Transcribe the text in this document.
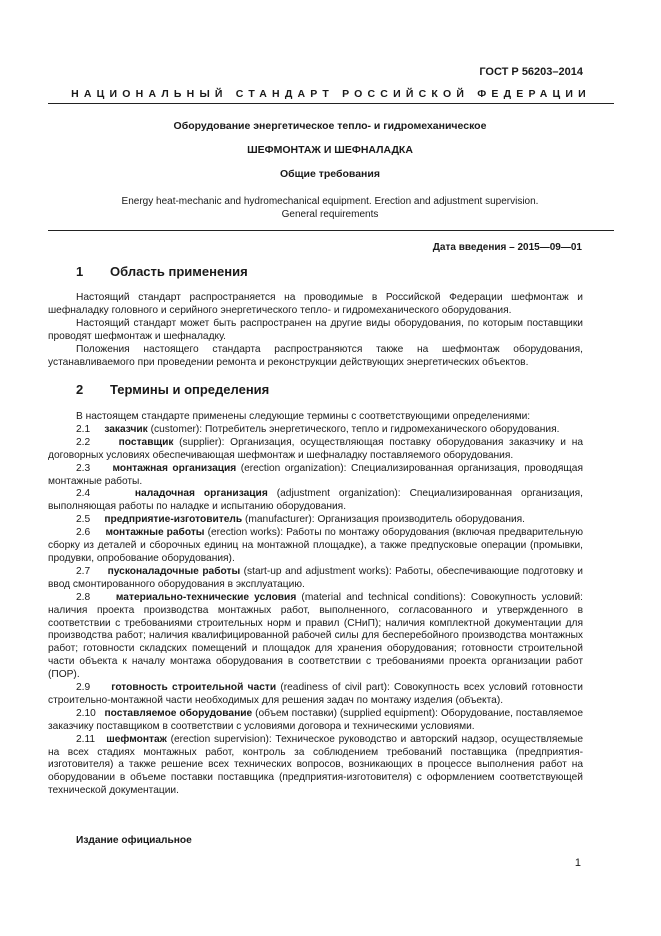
ГОСТ Р 56203–2014
НАЦИОНАЛЬНЫЙ СТАНДАРТ РОССИЙСКОЙ ФЕДЕРАЦИИ
Оборудование энергетическое тепло- и гидромеханическое
ШЕФМОНТАЖ И ШЕФНАЛАДКА
Общие требования
Energy heat-mechanic and hydromechanical equipment. Erection and adjustment supervision.
General requirements
Дата введения – 2015—09—01
1 Область применения

Настоящий стандарт распространяется на проводимые в Российской Федерации шефмонтаж и шефналадку головного и серийного энергетического тепло- и гидромеханического оборудования.

Настоящий стандарт может быть распространен на другие виды оборудования, по которым поставщики проводят шефмонтаж и шефналадку.

Положения настоящего стандарта распространяются также на шефмонтаж оборудования, устанавливаемого при проведении ремонта и реконструкции действующих энергетических объектов.

2 Термины и определения

В настоящем стандарте применены следующие термины с соответствующими определениями:

2.1 заказчик (customer): Потребитель энергетического, тепло и гидромеханического оборудования.

2.2	поставщик (supplier): Организация, осуществляющая поставку оборудования заказчику и на договорных условиях обеспечивающая шефмонтаж и шефналадку поставляемого оборудования.

2.3 монтажная организация (erection organization): Специализированная организация, проводящая монтажные работы.

2.4	наладочная организация (adjustment organization): Специализированная организация, выполняющая работы по наладке и испытанию оборудования.

2.5 предприятие-изготовитель (manufacturer): Организация производитель оборудования.

2.6 монтажные работы (erection works): Работы по монтажу оборудования (включая предварительную сборку из деталей и сборочных единиц на монтажной площадке), а также предпусковые операции (промывки, продувки, опробование оборудования).

2.7 пусконаладочные работы (start-up and adjustment works): Работы, обеспечивающие подготовку и ввод смонтированного оборудования в эксплуатацию.

2.8	материально-технические условия (material and technical conditions): Совокупность условий: наличия проекта производства монтажных работ, выполненного, согласованного и утвержденного в соответствии с требованиями строительных норм и правил (СНиП); наличия комплектной документации для производства работ; наличия квалифицированной рабочей силы для бесперебойного производства монтажных работ; готовности складских помещений и площадок для хранения оборудования; готовности строительной части объекта к началу монтажа оборудования в соответствии с требованиями проекта организации работ (ПОР).

2.9 готовность строительной части (readiness of civil part): Совокупность всех условий готовности строительно-монтажной части необходимых для решения задач по монтажу изделия (объекта).

2.10 поставляемое оборудование (объем поставки) (supplied equipment): Оборудование, поставляемое заказчику поставщиком в соответствии с условиями договора и техническими условиями.

2.11 шефмонтаж (erection supervision): Техническое руководство и авторский надзор, осуществляемые на всех стадиях монтажных работ, контроль за соблюдением требований поставщика (предприятия-изготовителя) а также решение всех технических вопросов, возникающих в процессе выполнения работ на оборудовании в объеме поставки поставщика (предприятия-изготовителя) с оформлением соответствующей технической документации.

Издание официальное
1
